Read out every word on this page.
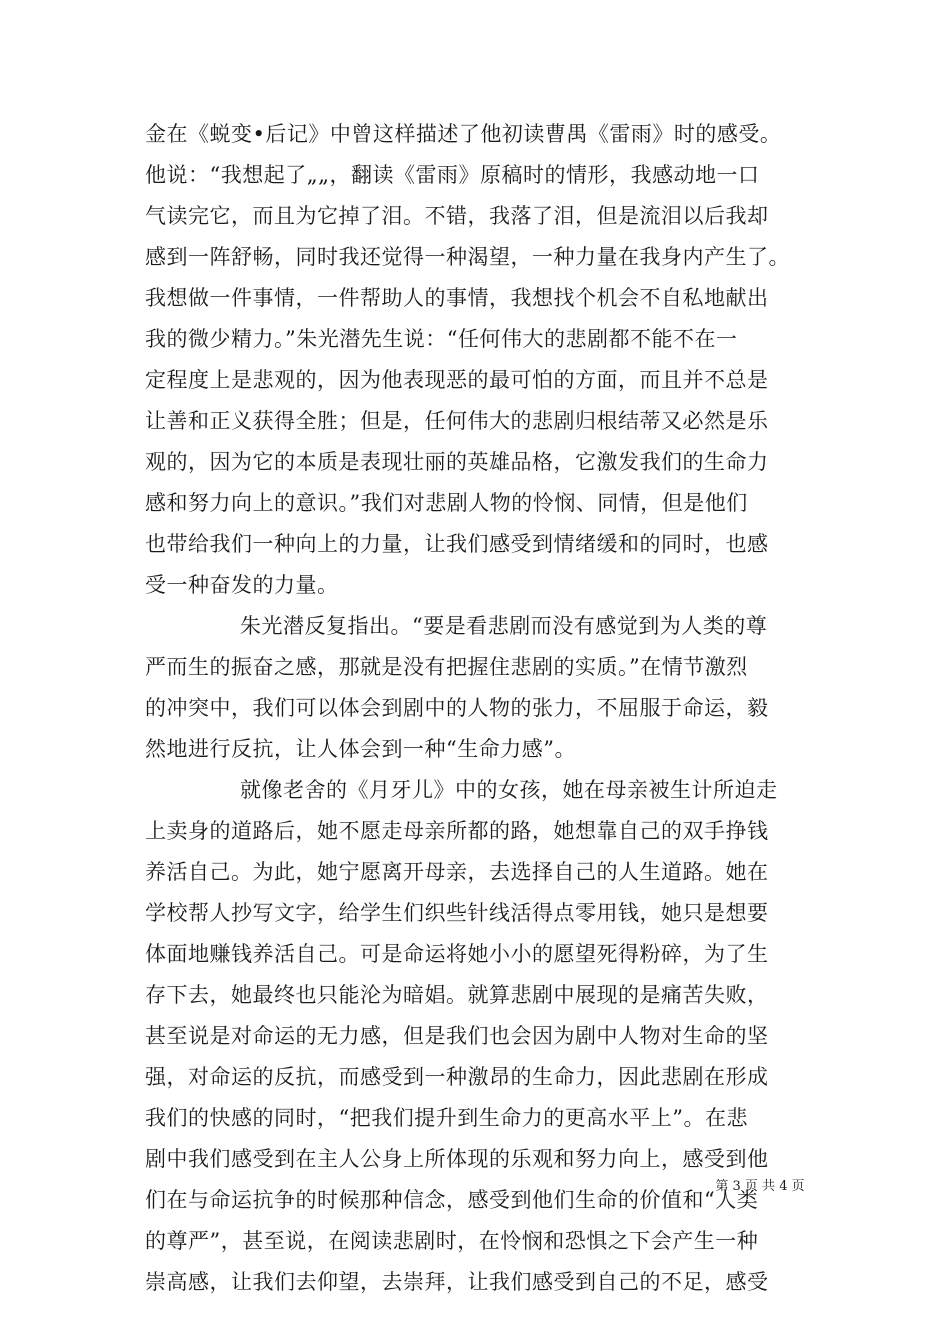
金在《蜕变•后记》中曾这样描述了他初读曹禺《雷雨》时的感受。
他说：“我想起了„„，翻读《雷雨》原稿时的情形，我感动地一口
气读完它，而且为它掉了泪。不错，我落了泪，但是流泪以后我却
感到一阵舒畅，同时我还觉得一种渴望，一种力量在我身内产生了。
我想做一件事情，一件帮助人的事情，我想找个机会不自私地献出
我的微少精力。”朱光潜先生说：“任何伟大的悲剧都不能不在一
定程度上是悲观的，因为他表现恶的最可怕的方面，而且并不总是
让善和正义获得全胜；但是，任何伟大的悲剧归根结蒂又必然是乐
观的，因为它的本质是表现壮丽的英雄品格，它激发我们的生命力
感和努力向上的意识。”我们对悲剧人物的怜悯、同情，但是他们
也带给我们一种向上的力量，让我们感受到情绪缓和的同时，也感
受一种奋发的力量。
朱光潜反复指出。“要是看悲剧而没有感觉到为人类的尊
严而生的振奋之感，那就是没有把握住悲剧的实质。”在情节激烈
的冲突中，我们可以体会到剧中的人物的张力，不屈服于命运，毅
然地进行反抗，让人体会到一种“生命力感”。
就像老舍的《月牙儿》中的女孩，她在母亲被生计所迫走
上卖身的道路后，她不愿走母亲所都的路，她想靠自己的双手挣钱
养活自己。为此，她宁愿离开母亲，去选择自己的人生道路。她在
学校帮人抄写文字，给学生们织些针线活得点零用钱，她只是想要
体面地赚钱养活自己。可是命运将她小小的愿望死得粉碎，为了生
存下去，她最终也只能沦为暗娼。就算悲剧中展现的是痛苦失败，
甚至说是对命运的无力感，但是我们也会因为剧中人物对生命的坚
强，对命运的反抗，而感受到一种激昂的生命力，因此悲剧在形成
我们的快感的同时，“把我们提升到生命力的更高水平上”。在悲
剧中我们感受到在主人公身上所体现的乐观和努力向上，感受到他
们在与命运抗争的时候那种信念，感受到他们生命的价值和“人类
的尊严”，甚至说，在阅读悲剧时，在怜悯和恐惧之下会产生一种
崇高感，让我们去仰望，去崇拜，让我们感受到自己的不足，感受
第 3 页 共 4 页
